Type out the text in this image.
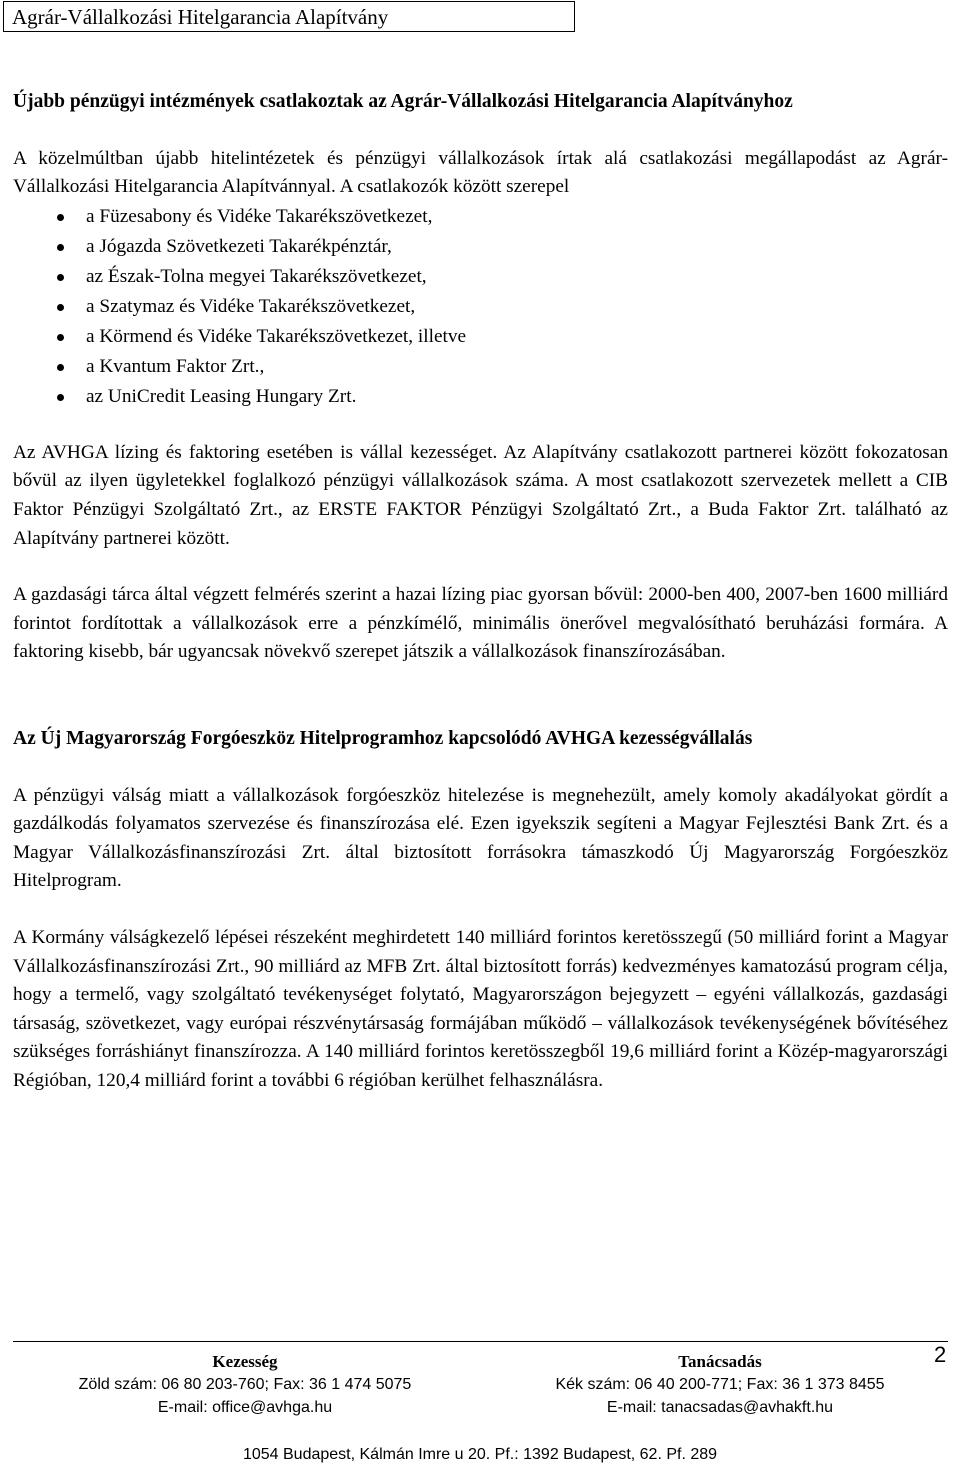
Agrár-Vállalkozási Hitelgarancia Alapítvány

Újabb pénzügyi intézmények csatlakoztak az Agrár-Vállalkozási Hitelgarancia Alapítványhoz

A közelmúltban újabb hitelintézetek és pénzügyi vállalkozások írtak alá csatlakozási megállapodást az Agrár-Vállalkozási Hitelgarancia Alapítvánnyal. A csatlakozók között szerepel

a Füzesabony és Vidéke Takarékszövetkezet,
a Jógazda Szövetkezeti Takarékpénztár,
az Észak-Tolna megyei Takarékszövetkezet,
a Szatymaz és Vidéke Takarékszövetkezet,
a Körmend és Vidéke Takarékszövetkezet, illetve
a Kvantum Faktor Zrt.,
az UniCredit Leasing Hungary Zrt.

Az AVHGA lízing és faktoring esetében is vállal kezességet. Az Alapítvány csatlakozott partnerei között fokozatosan bővül az ilyen ügyletekkel foglalkozó pénzügyi vállalkozások száma. A most csatlakozott szervezetek mellett a CIB Faktor Pénzügyi Szolgáltató Zrt., az ERSTE FAKTOR Pénzügyi Szolgáltató Zrt., a Buda Faktor Zrt. található az Alapítvány partnerei között.

A gazdasági tárca által végzett felmérés szerint a hazai lízing piac gyorsan bővül: 2000-ben 400, 2007-ben 1600 milliárd forintot fordítottak a vállalkozások erre a pénzkímélő, minimális önerővel megvalósítható beruházási formára. A faktoring kisebb, bár ugyancsak növekvő szerepet játszik a vállalkozások finanszírozásában.

Az Új Magyarország Forgóeszköz Hitelprogramhoz kapcsolódó AVHGA kezességvállalás

A pénzügyi válság miatt a vállalkozások forgóeszköz hitelezése is megnehezült, amely komoly akadályokat gördít a gazdálkodás folyamatos szervezése és finanszírozása elé. Ezen igyekszik segíteni a Magyar Fejlesztési Bank Zrt. és a Magyar Vállalkozásfinanszírozási Zrt. által biztosított forrásokra támaszkodó Új Magyarország Forgóeszköz Hitelprogram.

A Kormány válságkezelő lépései részeként meghirdetett 140 milliárd forintos keretösszegű (50 milliárd forint a Magyar Vállalkozásfinanszírozási Zrt., 90 milliárd az MFB Zrt. által biztosított forrás) kedvezményes kamatozású program célja, hogy a termelő, vagy szolgáltató tevékenységet folytató, Magyarországon bejegyzett – egyéni vállalkozás, gazdasági társaság, szövetkezet, vagy európai részvénytársaság formájában működő – vállalkozások tevékenységének bővítéséhez szükséges forráshiányt finanszírozza. A 140 milliárd forintos keretösszegből 19,6 milliárd forint a Közép-magyarországi Régióban, 120,4 milliárd forint a további 6 régióban kerülhet felhasználásra.

2
Kezesség
Zöld szám: 06 80 203-760; Fax: 36 1 474 5075
E-mail: office@avhga.hu
Tanácsadás
Kék szám: 06 40 200-771; Fax: 36 1 373 8455
E-mail: tanacsadas@avhakft.hu
1054 Budapest, Kálmán Imre u 20. Pf.: 1392 Budapest, 62. Pf. 289
